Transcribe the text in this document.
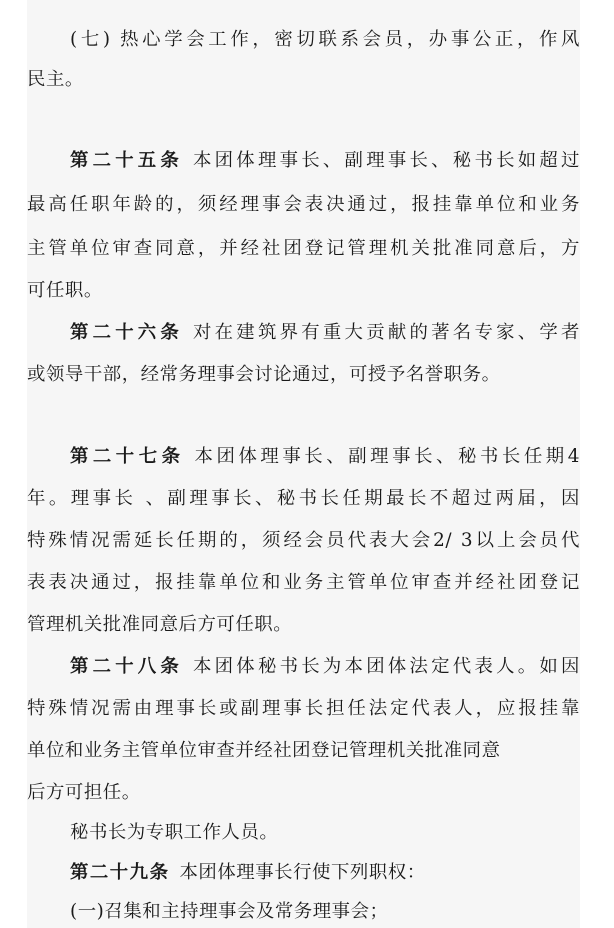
(七) 热心学会工作，密切联系会员，办事公正，作风
民主。
第二十五条 本团体理事长、副理事长、秘书长如超过
最高任职年龄的，须经理事会表决通过，报挂靠单位和业务
主管单位审查同意，并经社团登记管理机关批准同意后，方
可任职。
第二十六条 对在建筑界有重大贡献的著名专家、学者
或领导干部，经常务理事会讨论通过，可授予名誉职务。
第二十七条 本团体理事长、副理事长、秘书长任期4
年。理事长 、副理事长、秘书长任期最长不超过两届，因
特殊情况需延长任期的，须经会员代表大会2/ 3以上会员代
表表决通过，报挂靠单位和业务主管单位审查并经社团登记
管理机关批准同意后方可任职。
第二十八条 本团体秘书长为本团体法定代表人。如因
特殊情况需由理事长或副理事长担任法定代表人，应报挂靠
单位和业务主管单位审查并经社团登记管理机关批准同意
后方可担任。
秘书长为专职工作人员。
第二十九条 本团体理事长行使下列职权：
(一)召集和主持理事会及常务理事会；
